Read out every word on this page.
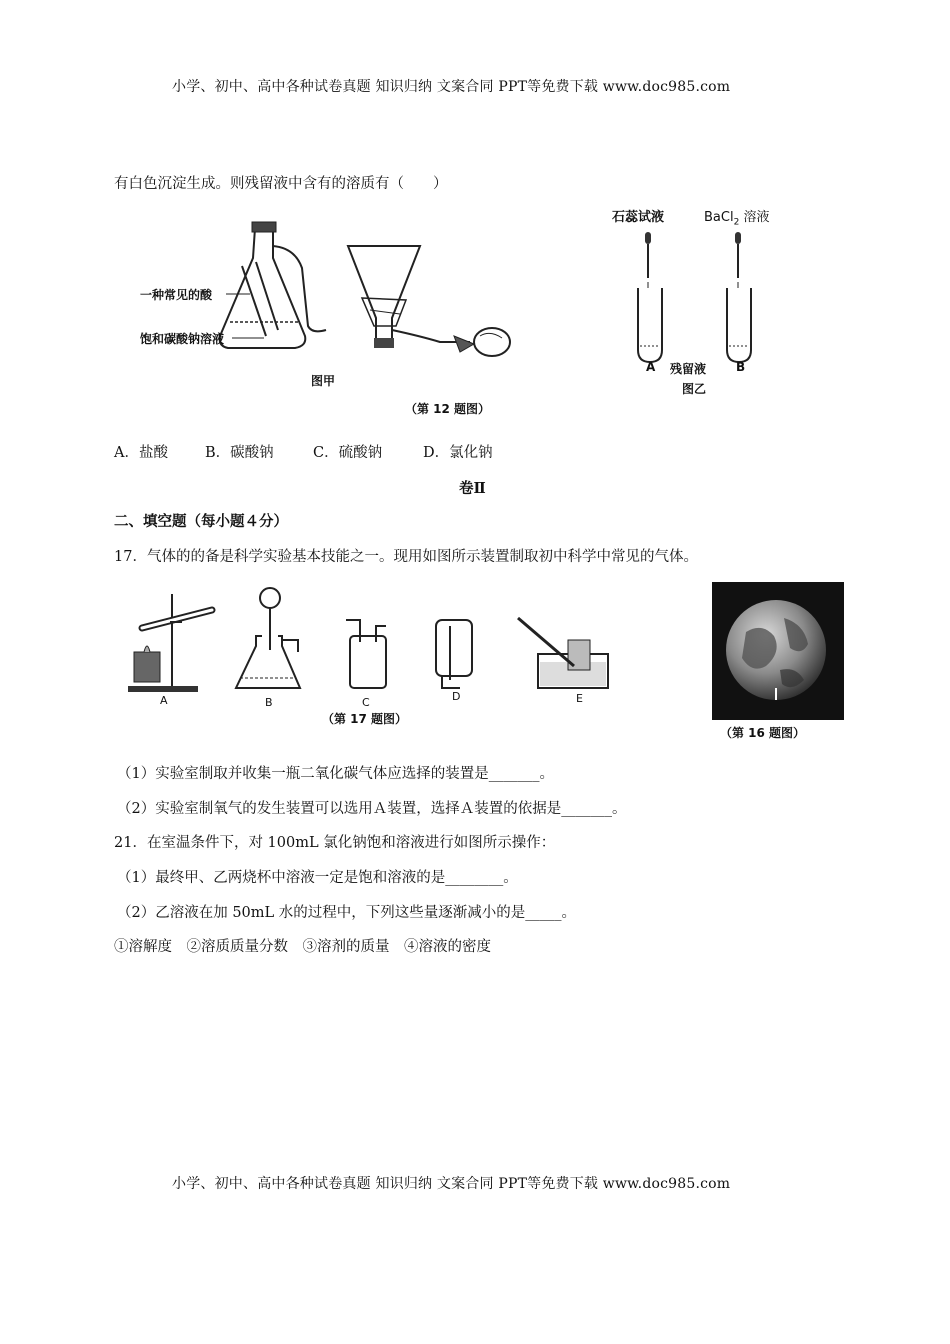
小学、初中、高中各种试卷真题 知识归纳 文案合同 PPT等免费下载 www.doc985.com
有白色沉淀生成。则残留液中含有的溶质有（　　）
一种常见的酸
饱和碳酸钠溶液
图甲
石蕊试液	BaCl$_2$ 溶液
A	B
残留液
图乙
（第 12 题图）
A．盐酸	B．碳酸钠	C．硫酸钠	D．氯化钠
卷Ⅱ
二、填空题（每小题４分）
17．气体的的备是科学实验基本技能之一。现用如图所示装置制取初中科学中常见的气体。
A	B	C	D	E
（第 17 题图）
（第 16 题图）
（1）实验室制取并收集一瓶二氧化碳气体应选择的装置是_______。
（2）实验室制氧气的发生装置可以选用Ａ装置，选择Ａ装置的依据是_______。
21．在室温条件下，对 100mL 氯化钠饱和溶液进行如图所示操作：
（1）最终甲、乙两烧杯中溶液一定是饱和溶液的是________。
（2）乙溶液在加 50mL 水的过程中，下列这些量逐渐减小的是_____。
①溶解度　②溶质质量分数　③溶剂的质量　④溶液的密度
小学、初中、高中各种试卷真题 知识归纳 文案合同 PPT等免费下载 www.doc985.com
